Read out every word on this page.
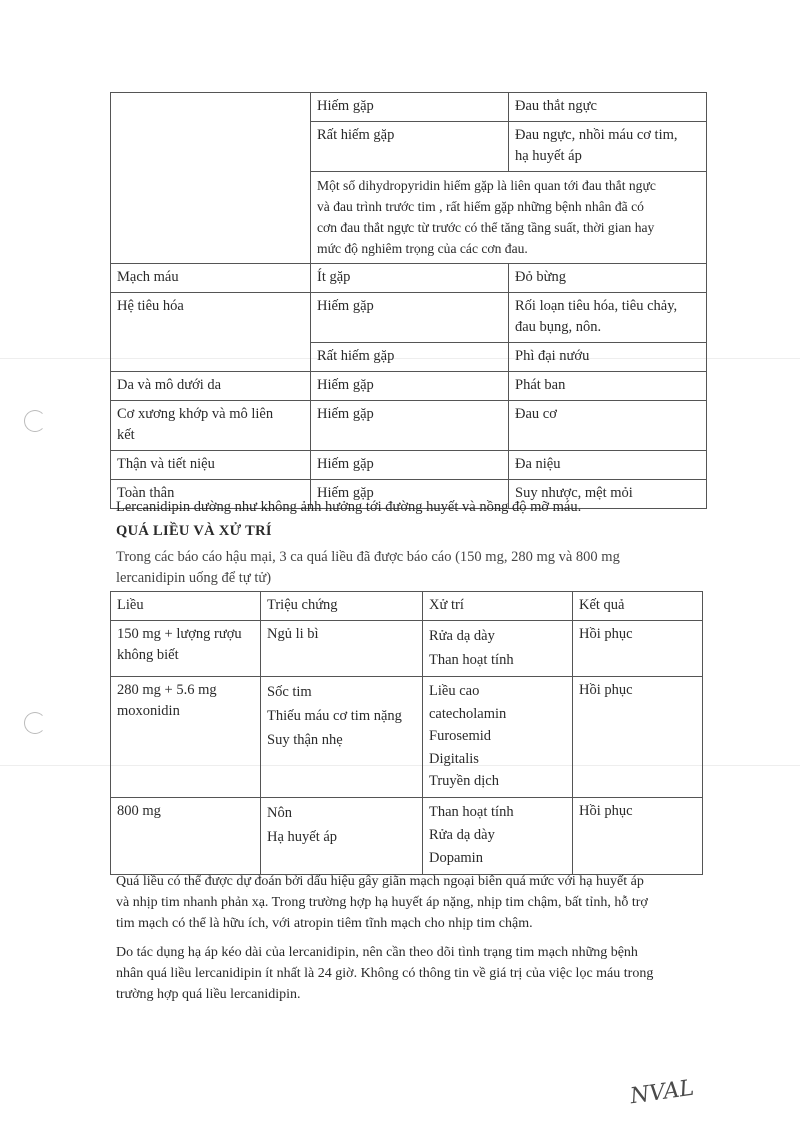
	Hiếm gặp	Đau thắt ngực

	Rất hiếm gặp	Đau ngực, nhồi máu cơ tim,
hạ huyết áp

	Một số dihydropyridin hiếm gặp là liên quan tới đau thắt ngực
và đau trình trước tim , rất hiếm gặp những bệnh nhân đã có
cơn đau thắt ngực từ trước có thể tăng tầng suất, thời gian hay
mức độ nghiêm trọng của các cơn đau.	

Mạch máu	Ít gặp	Đỏ bừng

Hệ tiêu hóa	Hiếm gặp	Rối loạn tiêu hóa, tiêu chảy,
đau bụng, nôn.

	Rất hiếm gặp	Phì đại nướu

Da và mô dưới da	Hiếm gặp	Phát ban

Cơ xương khớp và mô liên
kết	Hiếm gặp	Đau cơ

Thận và tiết niệu	Hiếm gặp	Đa niệu

Toàn thân	Hiếm gặp	Suy nhược, mệt mỏi
Lercanidipin dường như không ảnh hưởng tới đường huyết và nồng độ mỡ máu.
QUÁ LIỀU VÀ XỬ TRÍ
Trong các báo cáo hậu mại, 3 ca quá liều đã được báo cáo (150 mg, 280 mg và 800 mg
lercanidipin uống để tự tử)
Liều	Triệu chứng	Xử trí	Kết quả

150 mg + lượng rượu
không biết	Ngủ li bì	Rửa dạ dày
Than hoạt tính	Hồi phục

280 mg + 5.6 mg
moxonidin	Sốc tim
Thiếu máu cơ tim nặng
Suy thận nhẹ	Liều cao
catecholamin
Furosemid
Digitalis
Truyền dịch	Hồi phục

800 mg	Nôn
Hạ huyết áp	Than hoạt tính
Rửa dạ dày
Dopamin	Hồi phục
Quá liều có thể được dự đoán bởi dấu hiệu gây giãn mạch ngoại biên quá mức với hạ huyết áp
và nhịp tim nhanh phản xạ. Trong trường hợp hạ huyết áp nặng, nhịp tim chậm, bất tỉnh, hỗ trợ
tim mạch có thể là hữu ích, với atropin tiêm tĩnh mạch cho nhịp tim chậm.
Do tác dụng hạ áp kéo dài của lercanidipin, nên cần theo dõi tình trạng tim mạch những bệnh
nhân quá liều lercanidipin ít nhất là 24 giờ. Không có thông tin về giá trị của việc lọc máu trong
trường hợp quá liều lercanidipin.
NVAL
